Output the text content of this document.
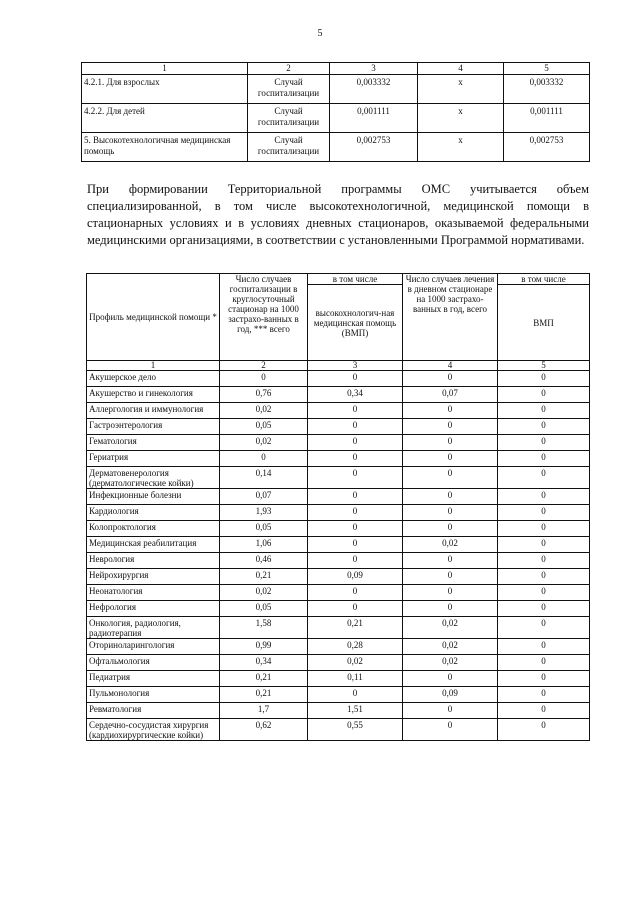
5
1	2	3	4	5
4.2.1. Для взрослых	Случай госпитализации	0,003332	х	0,003332
4.2.2. Для детей	Случай госпитализации	0,001111	х	0,001111
5. Высокотехнологичная медицинская помощь	Случай госпитализации	0,002753	х	0,002753

При формировании Территориальной программы ОМС учитывается объем специализированной, в том числе высокотехнологичной, медицинской помощи в стационарных условиях и в условиях дневных стационаров, оказываемой федеральными медицинскими организациями, в соответствии с установленными Программой нормативами.

Профиль медицинской помощи *	Число случаев госпитализации в круглосуточный стационар на 1000 застрахо-ванных в год, *** всего	в том числе	Число случаев лечения в дневном стационаре на 1000 застрахо-ванных в год, всего	в том числе
		высокохнологич-ная медицинская помощь (ВМП)		ВМП
1	2	3	4	5
Акушерское дело	0	0	0	0
Акушерство и гинекология	0,76	0,34	0,07	0
Аллергология и иммунология	0,02	0	0	0
Гастроэнтерология	0,05	0	0	0
Гематология	0,02	0	0	0
Гериатрия	0	0	0	0
Дерматовенерология (дерматологические койки)	0,14	0	0	0
Инфекционные болезни	0,07	0	0	0
Кардиология	1,93	0	0	0
Колопроктология	0,05	0	0	0
Медицинская реабилитация	1,06	0	0,02	0
Неврология	0,46	0	0	0
Нейрохирургия	0,21	0,09	0	0
Неонатология	0,02	0	0	0
Нефрология	0,05	0	0	0
Онкология, радиология, радиотерапия	1,58	0,21	0,02	0
Оториноларингология	0,99	0,28	0,02	0
Офтальмология	0,34	0,02	0,02	0
Педиатрия	0,21	0,11	0	0
Пульмонология	0,21	0	0,09	0
Ревматология	1,7	1,51	0	0
Сердечно-сосудистая хирургия (кардиохирургические койки)	0,62	0,55	0	0
